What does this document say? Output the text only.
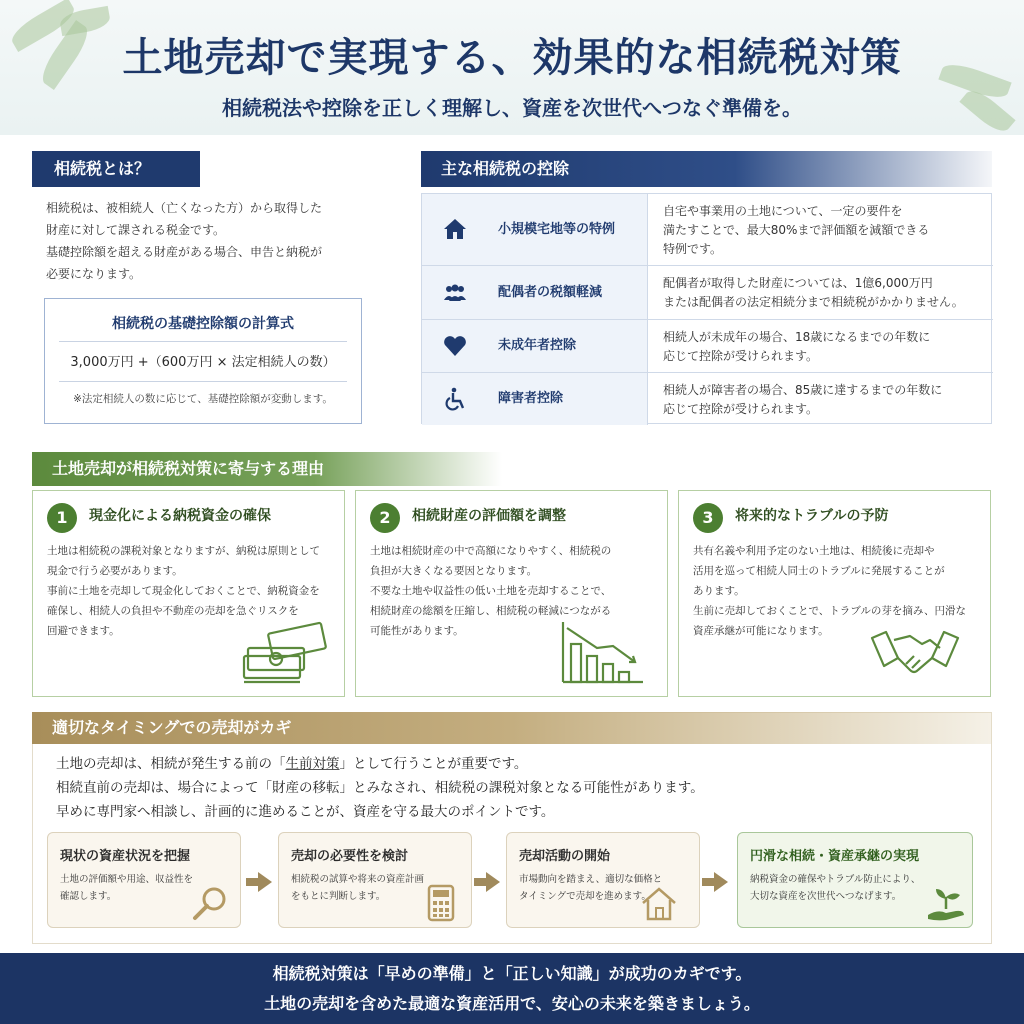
土地売却で実現する、効果的な相続税対策

相続税法や控除を正しく理解し、資産を次世代へつなぐ準備を。

相続税とは？
相続税は、被相続人（亡くなった方）から取得した
財産に対して課される税金です。
基礎控除額を超える財産がある場合、申告と納税が
必要になります。
相続税の基礎控除額の計算式
3,000万円 +（600万円 × 法定相続人の数）
※法定相続人の数に応じて、基礎控除額が変動します。
主な相続税の控除
小規模宅地等の特例
自宅や事業用の土地について、一定の要件を
満たすことで、最大80%まで評価額を減額できる
特例です。
配偶者の税額軽減
配偶者が取得した財産については、1億6,000万円
または配偶者の法定相続分まで相続税がかかりません。
未成年者控除
相続人が未成年の場合、18歳になるまでの年数に
応じて控除が受けられます。
障害者控除
相続人が障害者の場合、85歳に達するまでの年数に
応じて控除が受けられます。
土地売却が相続税対策に寄与する理由
1	現金化による納税資金の確保
土地は相続税の課税対象となりますが、納税は原則として
現金で行う必要があります。
事前に土地を売却して現金化しておくことで、納税資金を
確保し、相続人の負担や不動産の売却を急ぐリスクを
回避できます。
2	相続財産の評価額を調整
土地は相続財産の中で高額になりやすく、相続税の
負担が大きくなる要因となります。
不要な土地や収益性の低い土地を売却することで、
相続財産の総額を圧縮し、相続税の軽減につながる
可能性があります。
3	将来的なトラブルの予防
共有名義や利用予定のない土地は、相続後に売却や
活用を巡って相続人同士のトラブルに発展することが
あります。
生前に売却しておくことで、トラブルの芽を摘み、円滑な
資産承継が可能になります。
適切なタイミングでの売却がカギ
土地の売却は、相続が発生する前の「生前対策」として行うことが重要です。
相続直前の売却は、場合によって「財産の移転」とみなされ、相続税の課税対象となる可能性があります。
早めに専門家へ相談し、計画的に進めることが、資産を守る最大のポイントです。
現状の資産状況を把握
土地の評価額や用途、収益性を
確認します。
売却の必要性を検討
相続税の試算や将来の資産計画
をもとに判断します。
売却活動の開始
市場動向を踏まえ、適切な価格と
タイミングで売却を進めます。
円滑な相続・資産承継の実現
納税資金の確保やトラブル防止により、
大切な資産を次世代へつなげます。
相続税対策は「早めの準備」と「正しい知識」が成功のカギです。
土地の売却を含めた最適な資産活用で、安心の未来を築きましょう。
